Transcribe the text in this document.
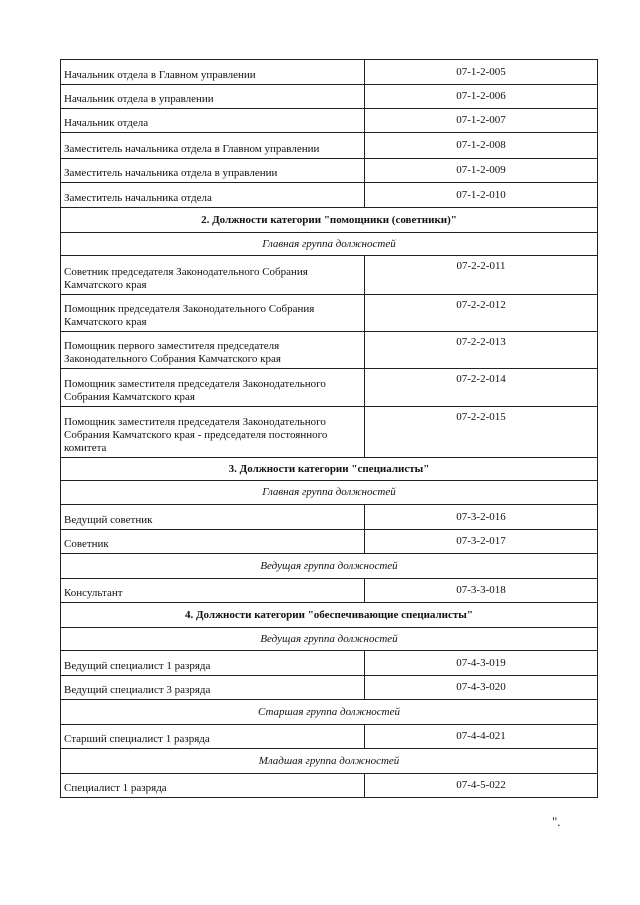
Начальник отдела в Главном управлении	07-1-2-005
Начальник отдела в управлении	07-1-2-006
Начальник отдела	07-1-2-007
Заместитель начальника отдела в Главном управлении	07-1-2-008
Заместитель начальника отдела в управлении	07-1-2-009
Заместитель начальника отдела	07-1-2-010
2. Должности категории "помощники (советники)"	
Главная группа должностей	
Советник председателя Законодательного Собрания Камчатского края	07-2-2-011
Помощник председателя Законодательного Собрания Камчатского края	07-2-2-012
Помощник первого заместителя председателя Законодательного Собрания Камчатского края	07-2-2-013
Помощник заместителя председателя Законодательного Собрания Камчатского края	07-2-2-014
Помощник заместителя председателя Законодательного Собрания Камчатского края - председателя постоянного комитета	07-2-2-015
3. Должности категории "специалисты"	
Главная группа должностей	
Ведущий советник	07-3-2-016
Советник	07-3-2-017
Ведущая группа должностей	
Консультант	07-3-3-018
4. Должности категории "обеспечивающие специалисты"	
Ведущая группа должностей	
Ведущий специалист 1 разряда	07-4-3-019
Ведущий специалист 3 разряда	07-4-3-020
Старшая группа должностей	
Старший специалист 1 разряда	07-4-4-021
Младшая группа должностей	
Специалист 1 разряда	07-4-5-022
".
